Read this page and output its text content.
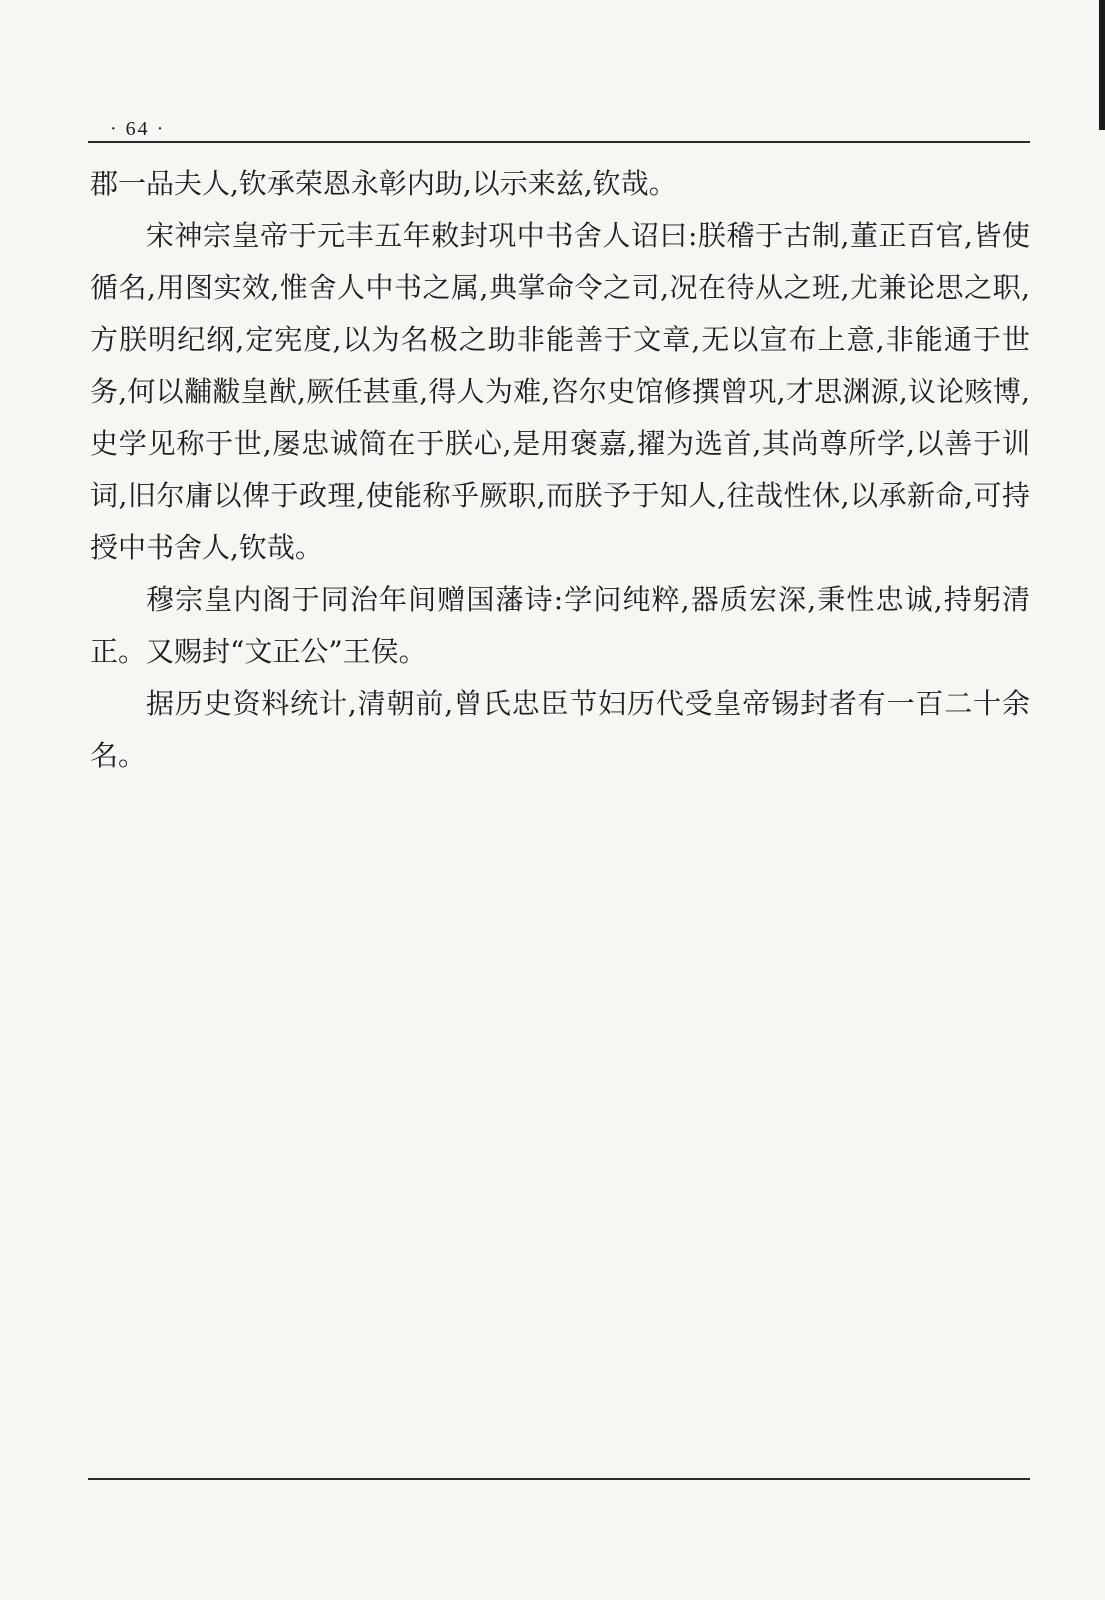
· 64 ·

郡一品夫人,钦承荣恩永彰内助,以示来兹,钦哉。

宋神宗皇帝于元丰五年敕封巩中书舍人诏曰:朕稽于古制,董正百官,皆使循名,用图实效,惟舍人中书之属,典掌命令之司,况在待从之班,尤兼论思之职,方朕明纪纲,定宪度,以为名极之助非能善于文章,无以宣布上意,非能通于世务,何以黼黻皇猷,厥任甚重,得人为难,咨尔史馆修撰曾巩,才思渊源,议论赅博,史学见称于世,屡忠诚简在于朕心,是用褒嘉,擢为选首,其尚尊所学,以善于训词,旧尔庸以俾于政理,使能称乎厥职,而朕予于知人,往哉性休,以承新命,可持授中书舍人,钦哉。

穆宗皇内阁于同治年间赠国藩诗:学问纯粹,器质宏深,秉性忠诚,持躬清正。又赐封“文正公”王侯。

据历史资料统计,清朝前,曾氏忠臣节妇历代受皇帝锡封者有一百二十余名。
